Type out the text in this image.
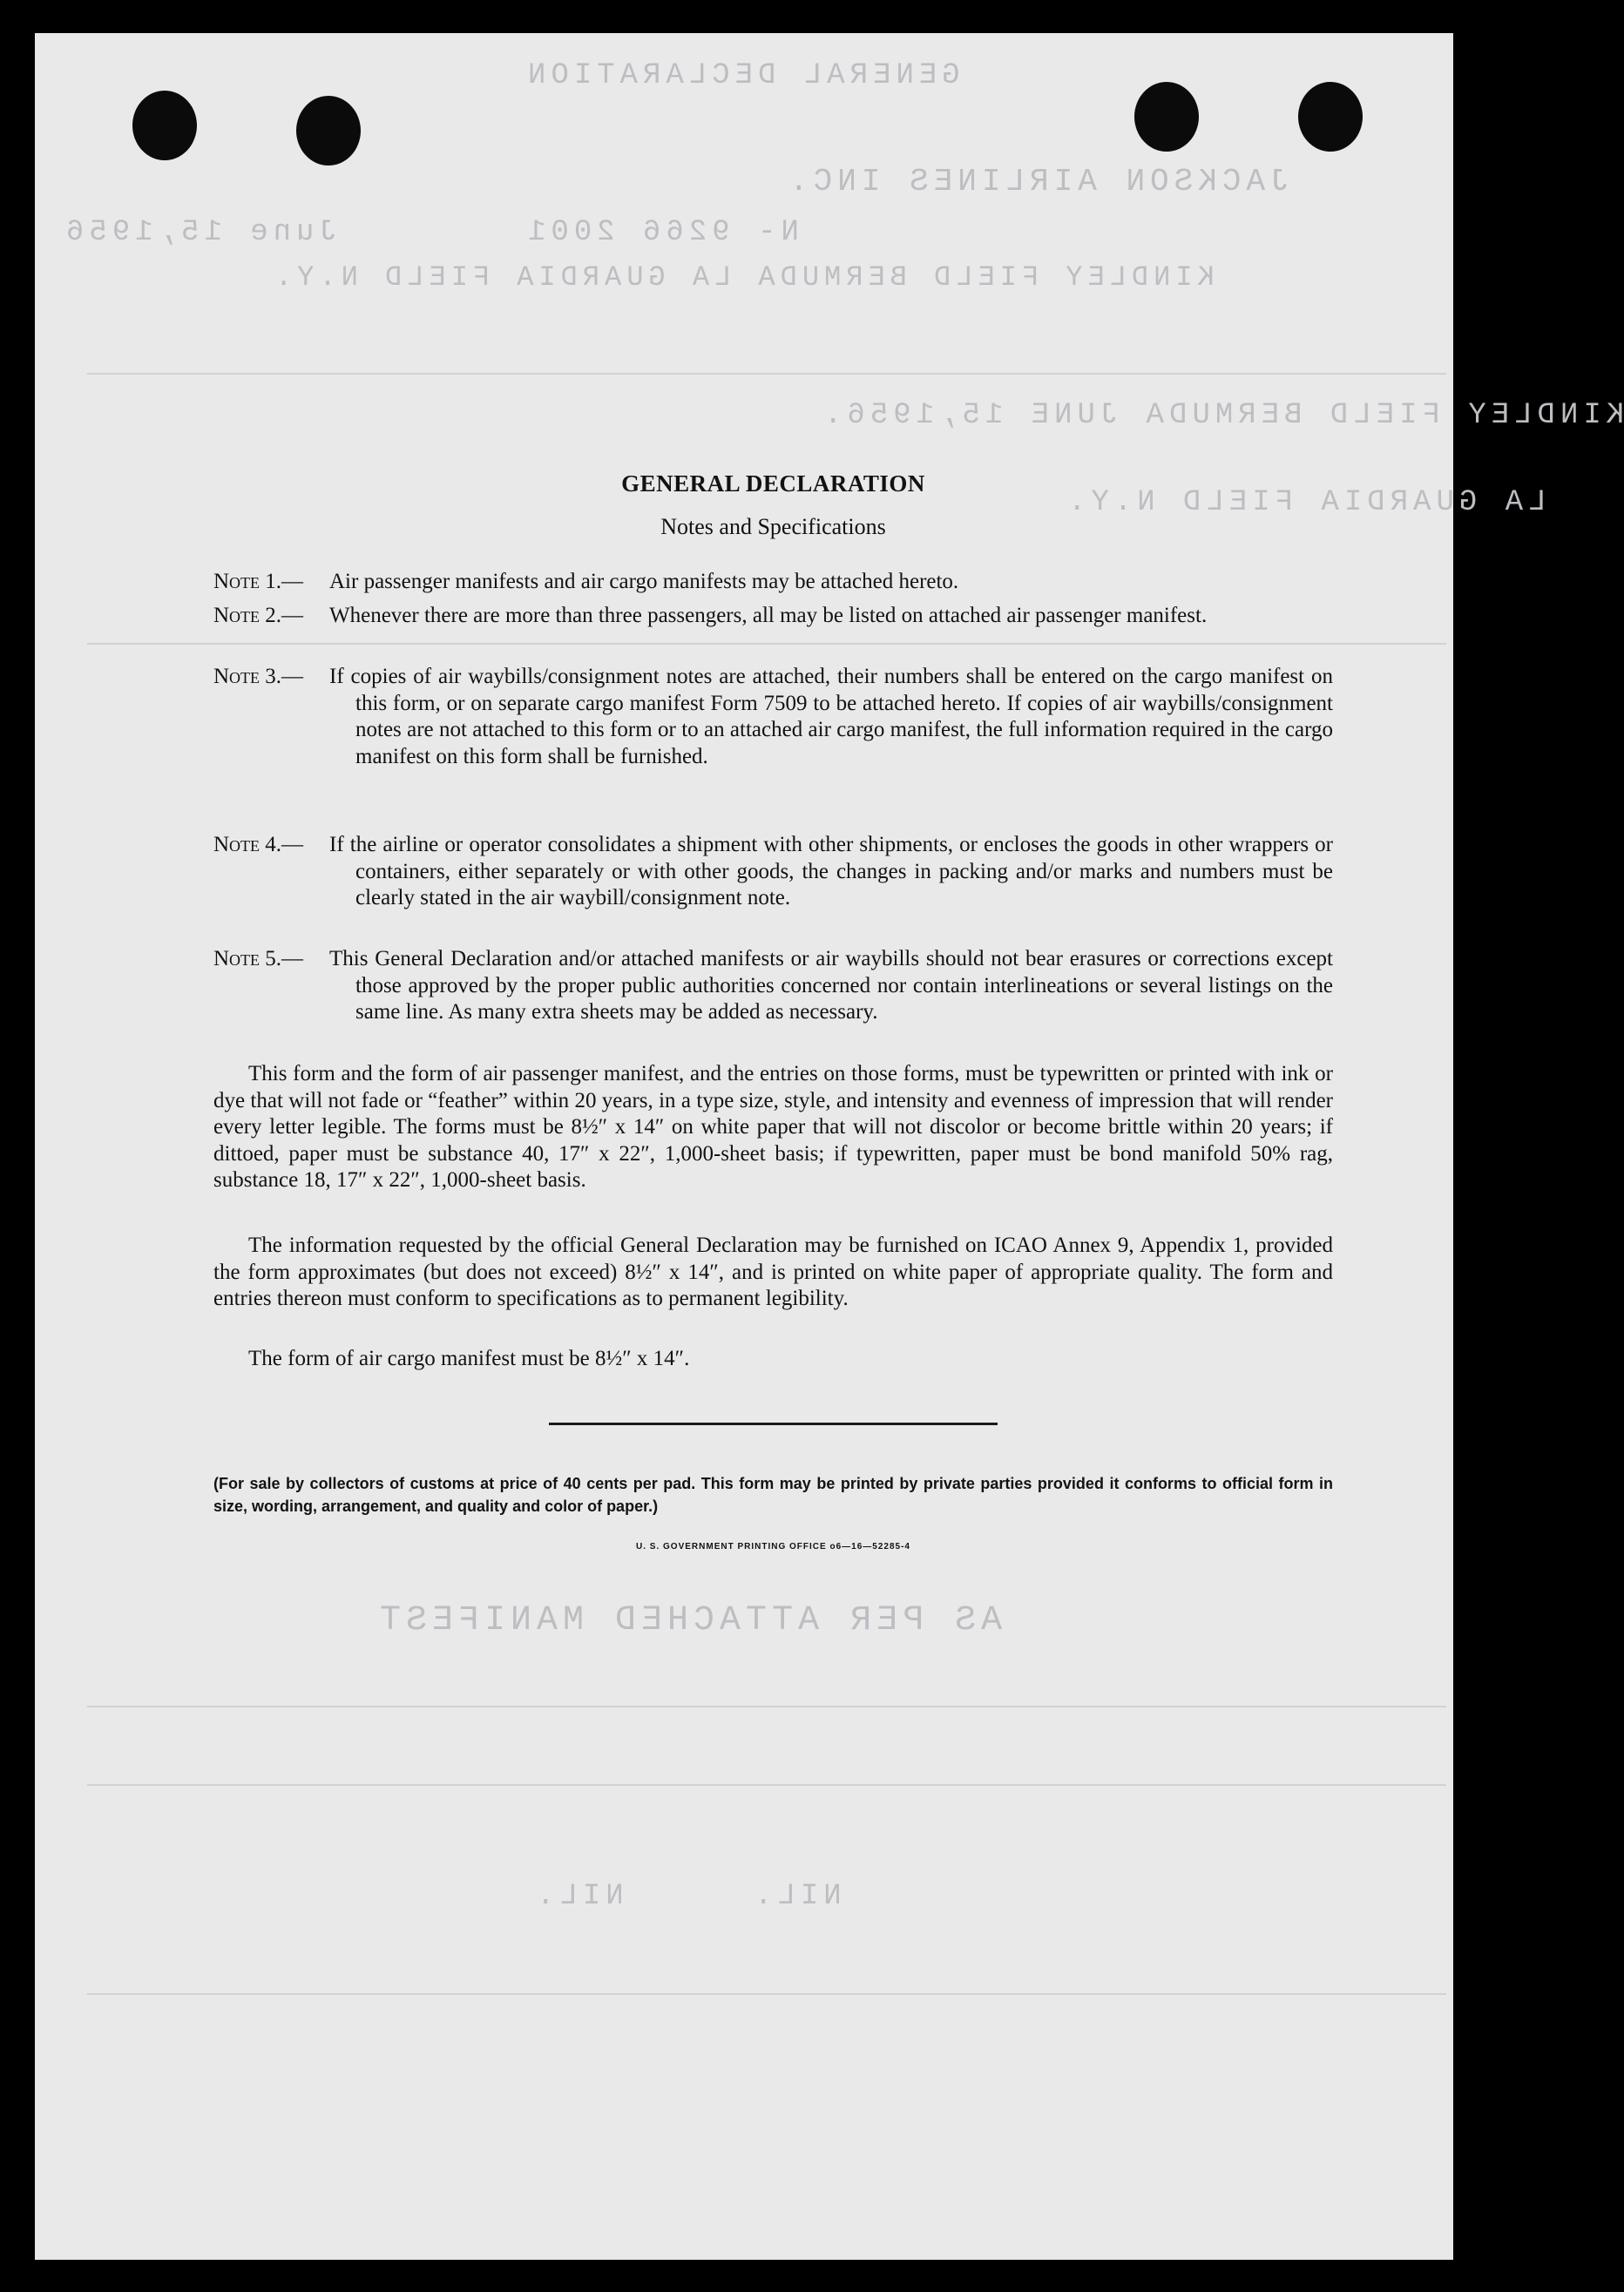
GENERAL DECLARATION
JACKSON AIRLINES INC.
N- 9266 2001
June 15,1956
KINDLEY FIELD BERMUDA LA GUARDIA FIELD N.Y.
KINDLEY FIELD BERMUDA JUNE 15,1956.
LA GUARDIA FIELD N.Y.
AS PER ATTACHED MANIFEST
NIL.	NIL.
GENERAL DECLARATION
Notes and Specifications
Note 1.— Air passenger manifests and air cargo manifests may be attached hereto.
Note 2.— Whenever there are more than three passengers, all may be listed on attached air passenger manifest.
Note 3.— If copies of air waybills/consignment notes are attached, their numbers shall be entered on the cargo manifest on this form, or on separate cargo manifest Form 7509 to be attached hereto. If copies of air waybills/consignment notes are not attached to this form or to an attached air cargo manifest, the full information required in the cargo manifest on this form shall be furnished.
Note 4.— If the airline or operator consolidates a shipment with other shipments, or encloses the goods in other wrappers or containers, either separately or with other goods, the changes in packing and/or marks and numbers must be clearly stated in the air waybill/consignment note.
Note 5.— This General Declaration and/or attached manifests or air waybills should not bear erasures or corrections except those approved by the proper public authorities concerned nor contain interlineations or several listings on the same line. As many extra sheets may be added as necessary.
This form and the form of air passenger manifest, and the entries on those forms, must be typewritten or printed with ink or dye that will not fade or “feather” within 20 years, in a type size, style, and intensity and evenness of impression that will render every letter legible. The forms must be 8½″ x 14″ on white paper that will not discolor or become brittle within 20 years; if dittoed, paper must be substance 40, 17″ x 22″, 1,000-sheet basis; if typewritten, paper must be bond manifold 50% rag, substance 18, 17″ x 22″, 1,000-sheet basis.
The information requested by the official General Declaration may be furnished on ICAO Annex 9, Appendix 1, provided the form approximates (but does not exceed) 8½″ x 14″, and is printed on white paper of appropriate quality. The form and entries thereon must conform to specifications as to permanent legibility.
The form of air cargo manifest must be 8½″ x 14″.
(For sale by collectors of customs at price of 40 cents per pad. This form may be printed by private parties provided it conforms to official form in size, wording, arrangement, and quality and color of paper.)
U. S. GOVERNMENT PRINTING OFFICE o6—16—52285-4
